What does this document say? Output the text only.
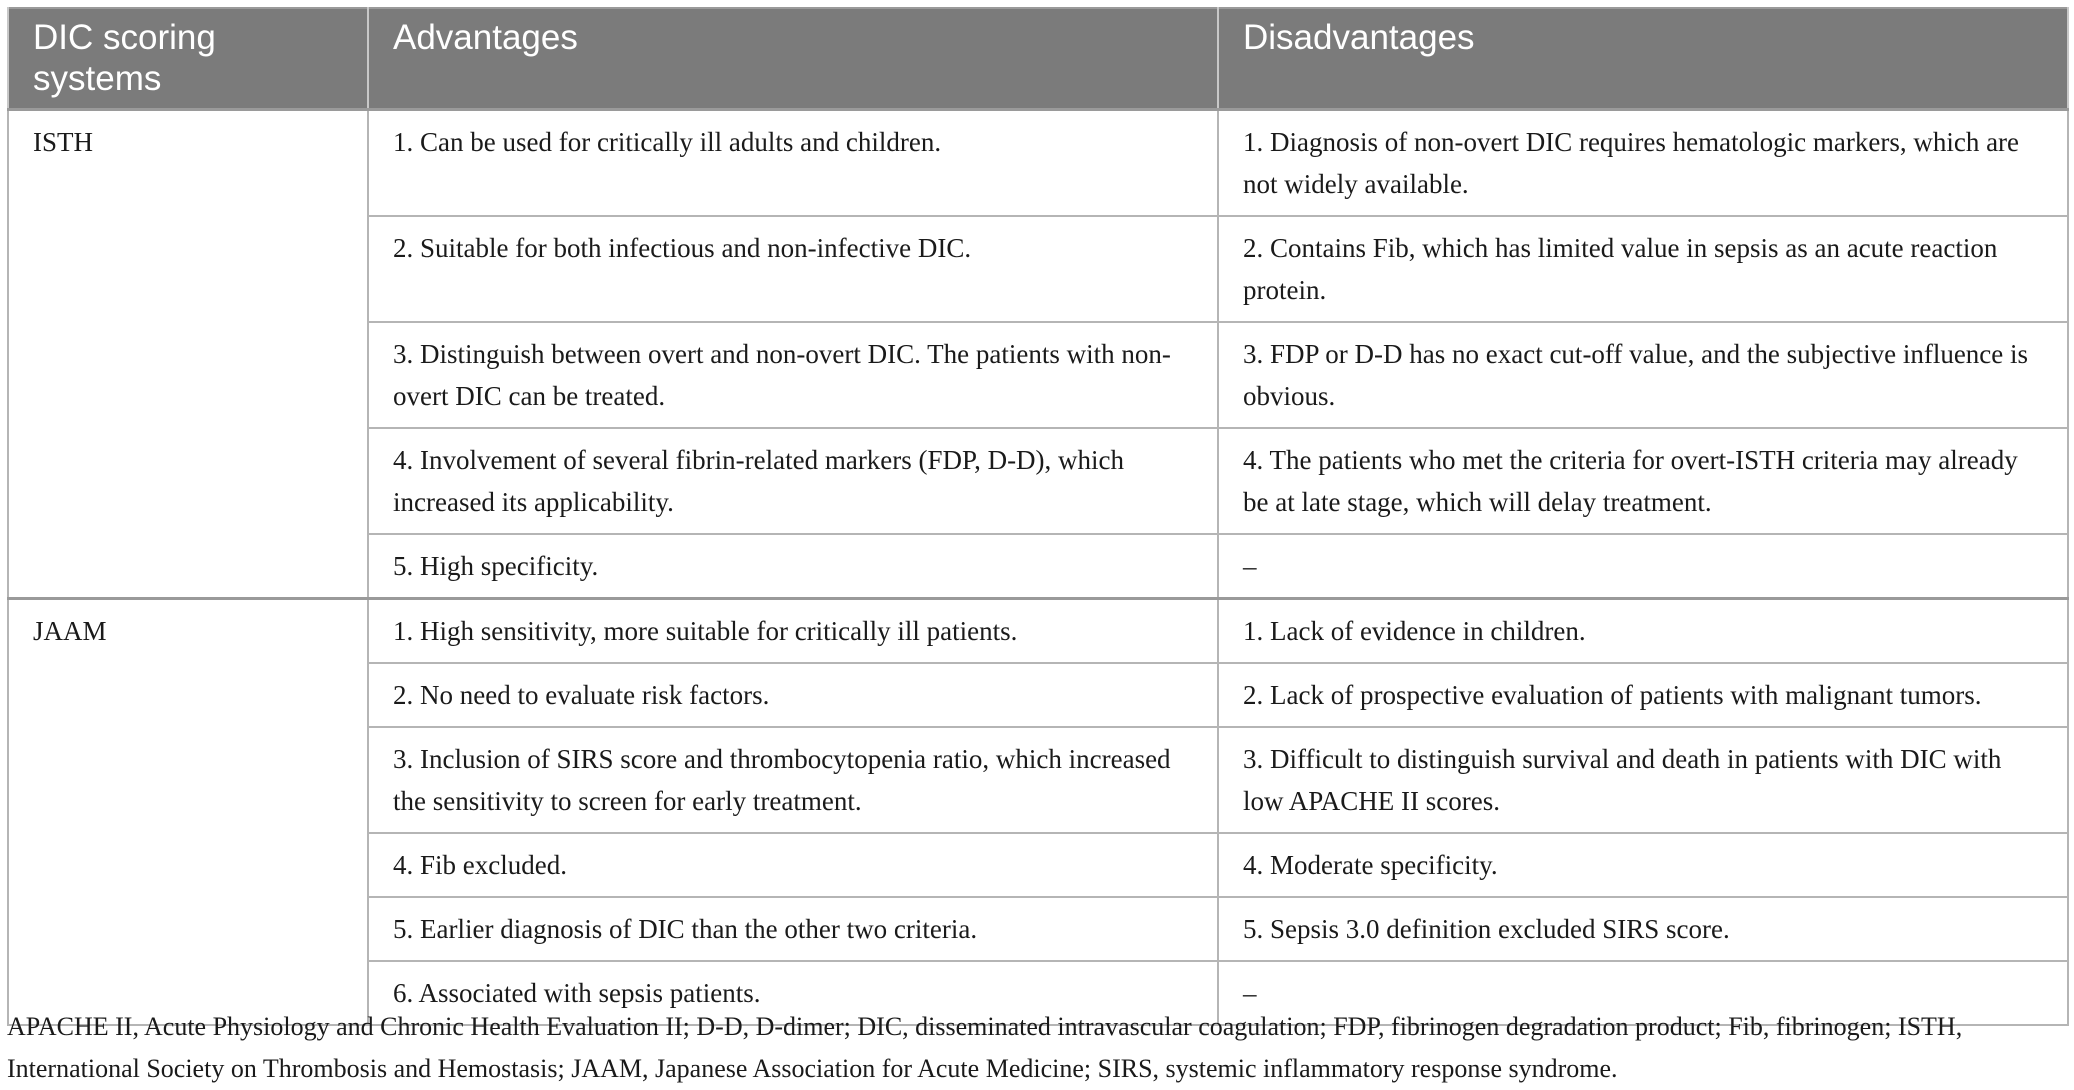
DIC scoring systems	Advantages	Disadvantages
ISTH	1. Can be used for critically ill adults and children.	1. Diagnosis of non-overt DIC requires hematologic markers, which are not widely available.
	2. Suitable for both infectious and non-infective DIC.	2. Contains Fib, which has limited value in sepsis as an acute reaction protein.
	3. Distinguish between overt and non-overt DIC. The patients with non-overt DIC can be treated.	3. FDP or D-D has no exact cut-off value, and the subjective influence is obvious.
	4. Involvement of several fibrin-related markers (FDP, D-D), which increased its applicability.	4. The patients who met the criteria for overt-ISTH criteria may already be at late stage, which will delay treatment.
	5. High specificity.	–
JAAM	1. High sensitivity, more suitable for critically ill patients.	1. Lack of evidence in children.
	2. No need to evaluate risk factors.	2. Lack of prospective evaluation of patients with malignant tumors.
	3. Inclusion of SIRS score and thrombocytopenia ratio, which increased the sensitivity to screen for early treatment.	3. Difficult to distinguish survival and death in patients with DIC with low APACHE II scores.
	4. Fib excluded.	4. Moderate specificity.
	5. Earlier diagnosis of DIC than the other two criteria.	5. Sepsis 3.0 definition excluded SIRS score.
	6. Associated with sepsis patients.	–
APACHE II, Acute Physiology and Chronic Health Evaluation II; D-D, D-dimer; DIC, disseminated intravascular coagulation; FDP, fibrinogen degradation product; Fib, fibrinogen; ISTH, International Society on Thrombosis and Hemostasis; JAAM, Japanese Association for Acute Medicine; SIRS, systemic inflammatory response syndrome.
